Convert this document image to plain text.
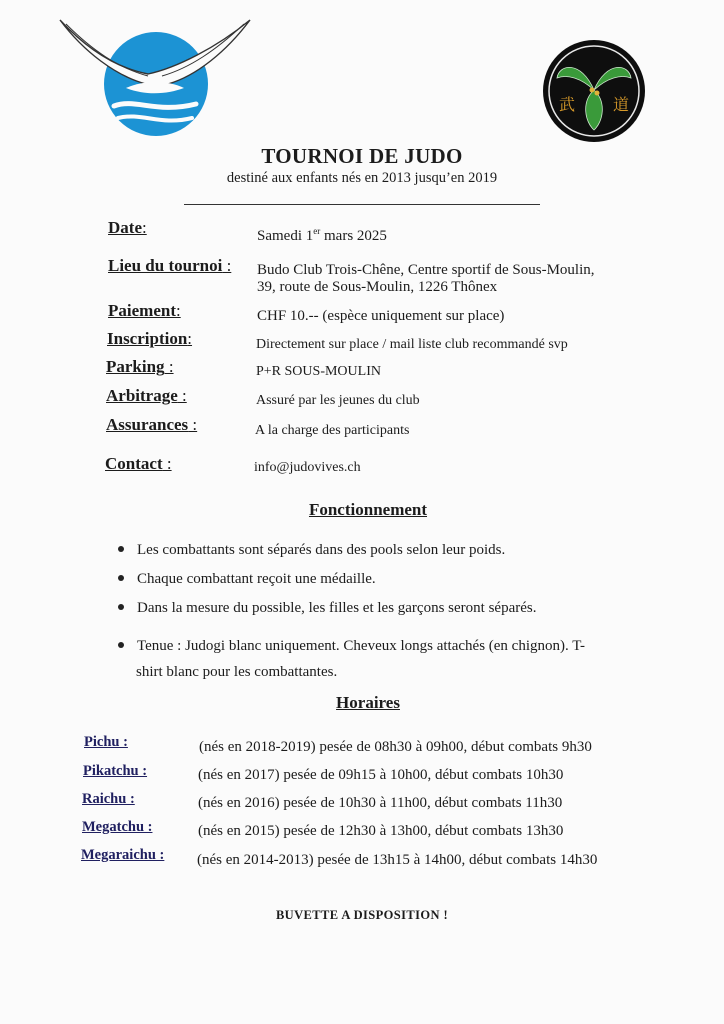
武 道
TOURNOI DE JUDO
destiné aux enfants nés en 2013 jusqu’en 2019
Date:	Samedi 1er mars 2025
Lieu du tournoi : Budo Club Trois-Chêne, Centre sportif de Sous-Moulin,
39, route de Sous-Moulin, 1226 Thônex
Paiement:	CHF 10.-- (espèce uniquement sur place)
Inscription:	Directement sur place / mail liste club recommandé svp
Parking :	P+R SOUS-MOULIN
Arbitrage :	Assuré par les jeunes du club
Assurances :	A la charge des participants
Contact :	info@judovives.ch
Fonctionnement
Les combattants sont séparés dans des pools selon leur poids.
Chaque combattant reçoit une médaille.
Dans la mesure du possible, les filles et les garçons seront séparés.
Tenue : Judogi blanc uniquement. Cheveux longs attachés (en chignon). T-
shirt blanc pour les combattantes.
Horaires
Pichu :	(nés en 2018-2019) pesée de 08h30 à 09h00, début combats 9h30
Pikatchu :	(nés en 2017) pesée de 09h15 à 10h00, début combats 10h30
Raichu :	(nés en 2016) pesée de 10h30 à 11h00, début combats 11h30
Megatchu :	(nés en 2015) pesée de 12h30 à 13h00, début combats 13h30
Megaraichu : (nés en 2014-2013) pesée de 13h15 à 14h00, début combats 14h30
BUVETTE A DISPOSITION !
